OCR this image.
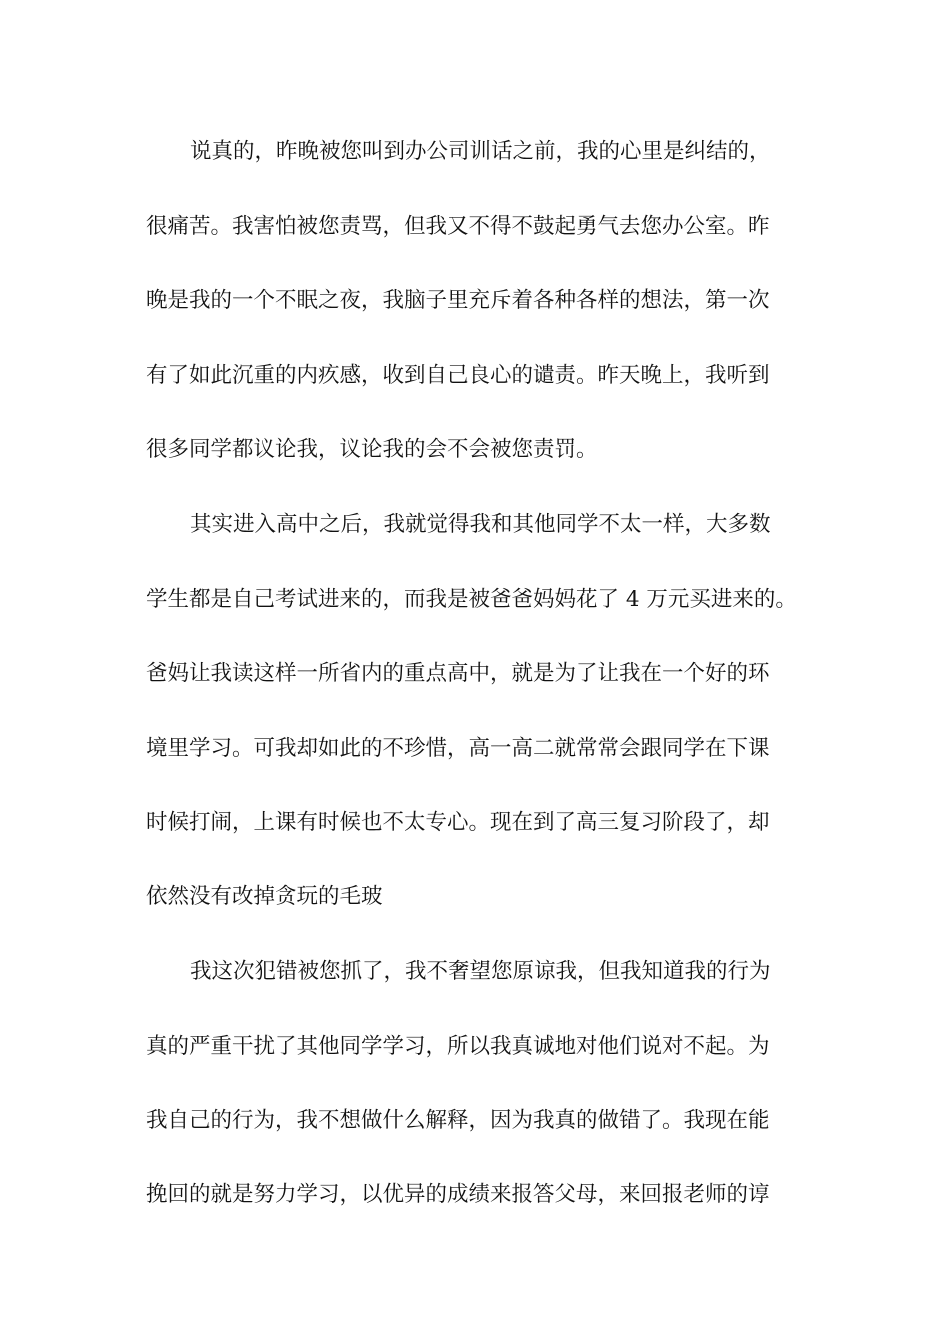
说真的，昨晚被您叫到办公司训话之前，我的心里是纠结的，
很痛苦。我害怕被您责骂，但我又不得不鼓起勇气去您办公室。昨
晚是我的一个不眠之夜，我脑子里充斥着各种各样的想法，第一次
有了如此沉重的内疚感，收到自己良心的谴责。昨天晚上，我听到
很多同学都议论我，议论我的会不会被您责罚。
其实进入高中之后，我就觉得我和其他同学不太一样，大多数
学生都是自己考试进来的，而我是被爸爸妈妈花了 4 万元买进来的。
爸妈让我读这样一所省内的重点高中，就是为了让我在一个好的环
境里学习。可我却如此的不珍惜，高一高二就常常会跟同学在下课
时候打闹，上课有时候也不太专心。现在到了高三复习阶段了，却
依然没有改掉贪玩的毛玻
我这次犯错被您抓了，我不奢望您原谅我，但我知道我的行为
真的严重干扰了其他同学学习，所以我真诚地对他们说对不起。为
我自己的行为，我不想做什么解释，因为我真的做错了。我现在能
挽回的就是努力学习，以优异的成绩来报答父母，来回报老师的谆
